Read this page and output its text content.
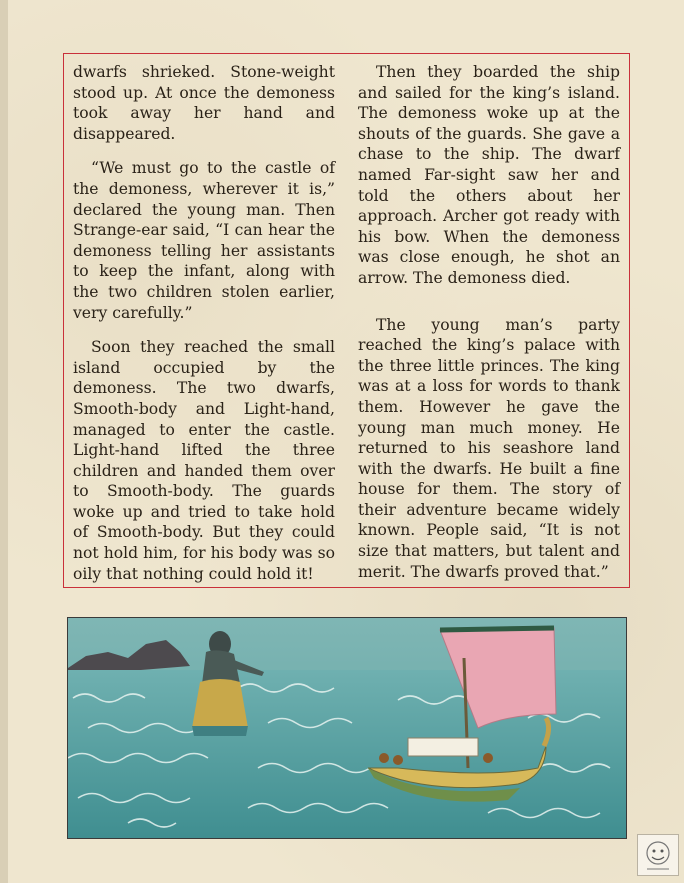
dwarfs shrieked. Stone-weight stood up. At once the demoness took away her hand and disappeared.

“We must go to the castle of the demoness, wherever it is,” declared the young man. Then Strange-ear said, “I can hear the demoness telling her assistants to keep the infant, along with the two children stolen earlier, very carefully.”

Soon they reached the small island occupied by the demoness. The two dwarfs, Smooth-body and Light-hand, managed to enter the castle. Light-hand lifted the three children and handed them over to Smooth-body. The guards woke up and tried to take hold of Smooth-body. But they could not hold him, for his body was so oily that nothing could hold it!

Then they boarded the ship and sailed for the king’s island. The demoness woke up at the shouts of the guards. She gave a chase to the ship. The dwarf named Far-sight saw her and told the others about her approach. Archer got ready with his bow. When the demoness was close enough, he shot an arrow. The demoness died.

The young man’s party reached the king’s palace with the three little princes. The king was at a loss for words to thank them. However he gave the young man much money. He returned to his seashore land with the dwarfs. He built a fine house for them. The story of their adventure became widely known. People said, “It is not size that matters, but talent and merit. The dwarfs proved that.”
